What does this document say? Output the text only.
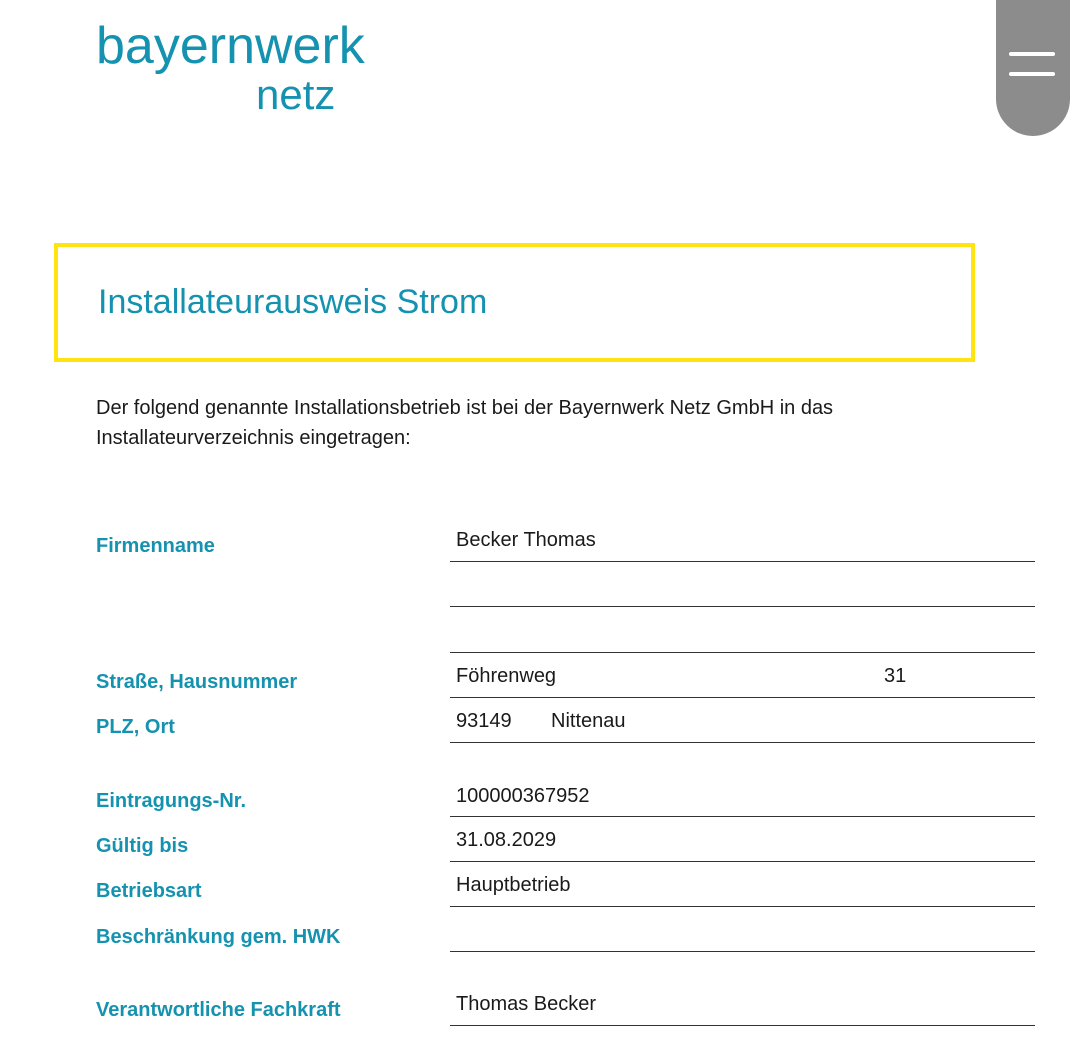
bayernwerk
netz
Installateurausweis Strom
Der folgend genannte Installationsbetrieb ist bei der Bayernwerk Netz GmbH in das Installateurverzeichnis eingetragen:
Firmenname	Becker Thomas
Straße, Hausnummer	Föhrenweg	31
PLZ, Ort	93149 Nittenau
Eintragungs-Nr.	100000367952
Gültig bis	31.08.2029
Betriebsart	Hauptbetrieb
Beschränkung gem. HWK
Verantwortliche Fachkraft	Thomas Becker
